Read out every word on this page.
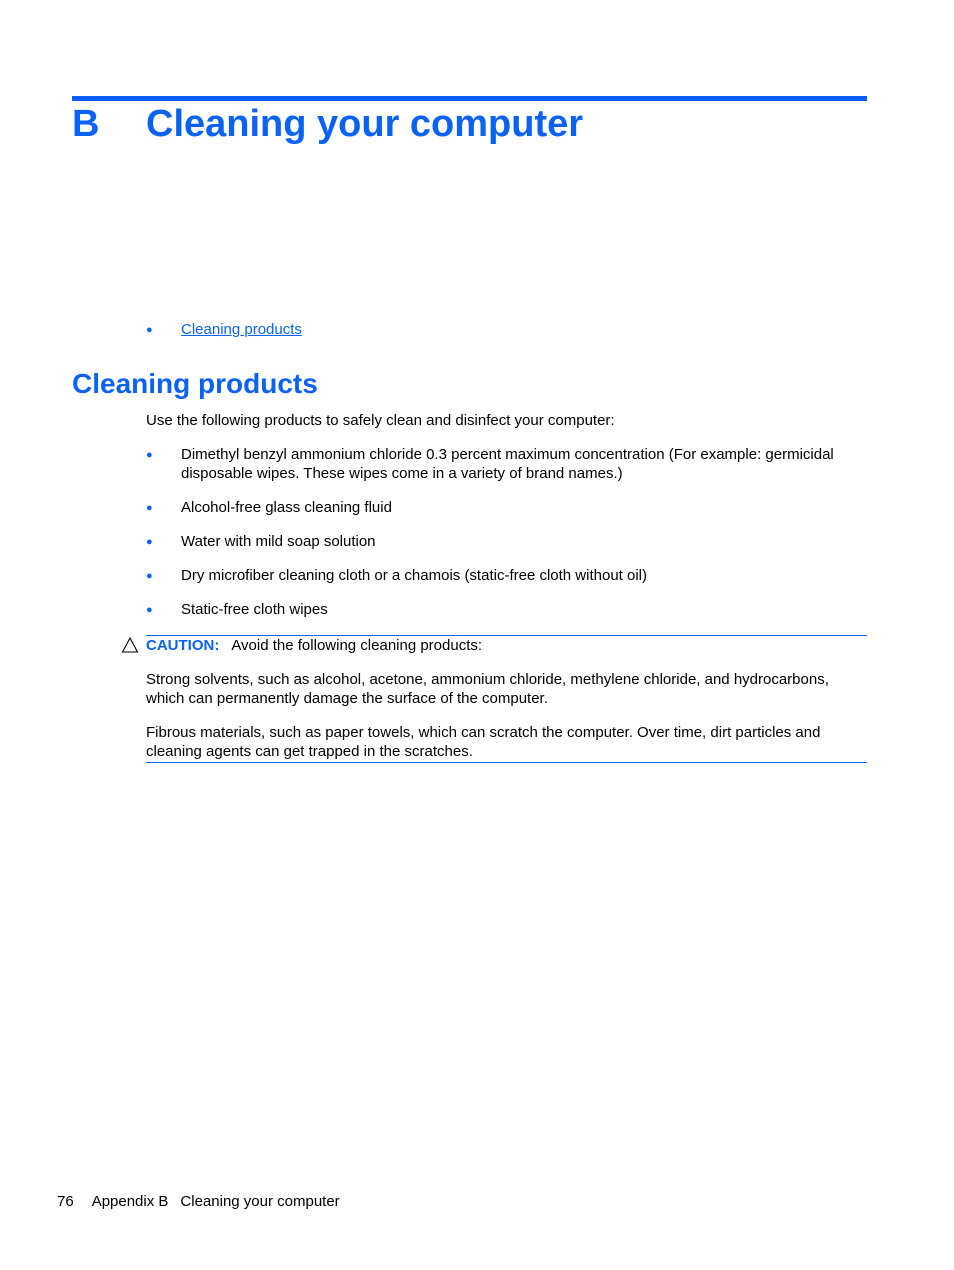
B Cleaning your computer
●	Cleaning products
Cleaning products

Use the following products to safely clean and disinfect your computer:

●	Dimethyl benzyl ammonium chloride 0.3 percent maximum concentration (For example: germicidal disposable wipes. These wipes come in a variety of brand names.)
●	Alcohol-free glass cleaning fluid
●	Water with mild soap solution
●	Dry microfiber cleaning cloth or a chamois (static-free cloth without oil)
●	Static-free cloth wipes

CAUTION: Avoid the following cleaning products:

Strong solvents, such as alcohol, acetone, ammonium chloride, methylene chloride, and hydrocarbons, which can permanently damage the surface of the computer.

Fibrous materials, such as paper towels, which can scratch the computer. Over time, dirt particles and cleaning agents can get trapped in the scratches.

76 Appendix B Cleaning your computer
